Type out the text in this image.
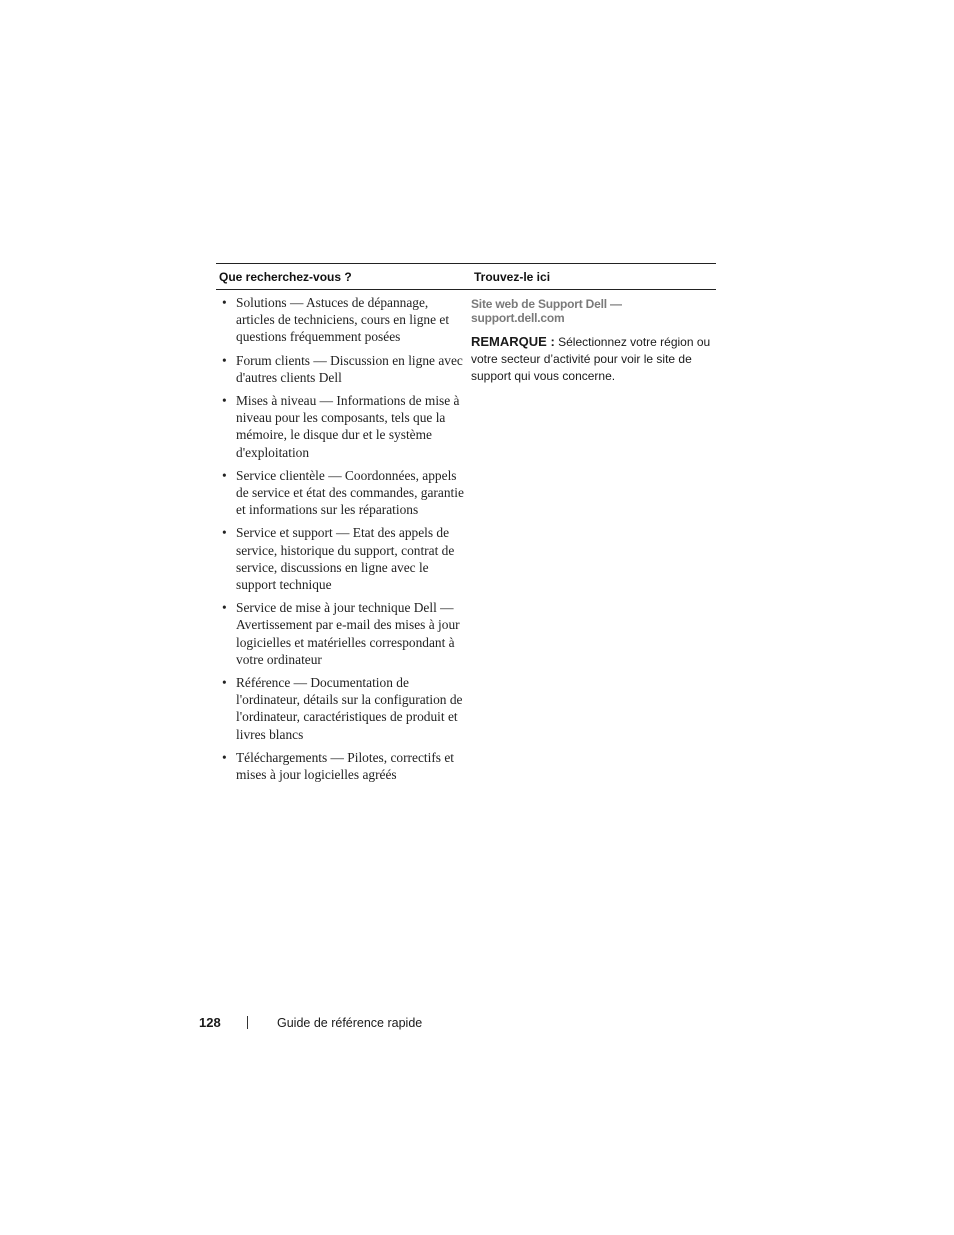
Que recherchez-vous ?	Trouvez-le ici
• Solutions — Astuces de dépannage, articles de techniciens, cours en ligne et questions fréquemment posées
• Forum clients — Discussion en ligne avec d'autres clients Dell
• Mises à niveau — Informations de mise à niveau pour les composants, tels que la mémoire, le disque dur et le système d'exploitation
• Service clientèle — Coordonnées, appels de service et état des commandes, garantie et informations sur les réparations
• Service et support — Etat des appels de service, historique du support, contrat de service, discussions en ligne avec le support technique
• Service de mise à jour technique Dell — Avertissement par e-mail des mises à jour logicielles et matérielles correspondant à votre ordinateur
• Référence — Documentation de l'ordinateur, détails sur la configuration de l'ordinateur, caractéristiques de produit et livres blancs
• Téléchargements — Pilotes, correctifs et mises à jour logicielles agréés
Site web de Support Dell — support.dell.com
REMARQUE : Sélectionnez votre région ou votre secteur d’activité pour voir le site de support qui vous concerne.
128	Guide de référence rapide
